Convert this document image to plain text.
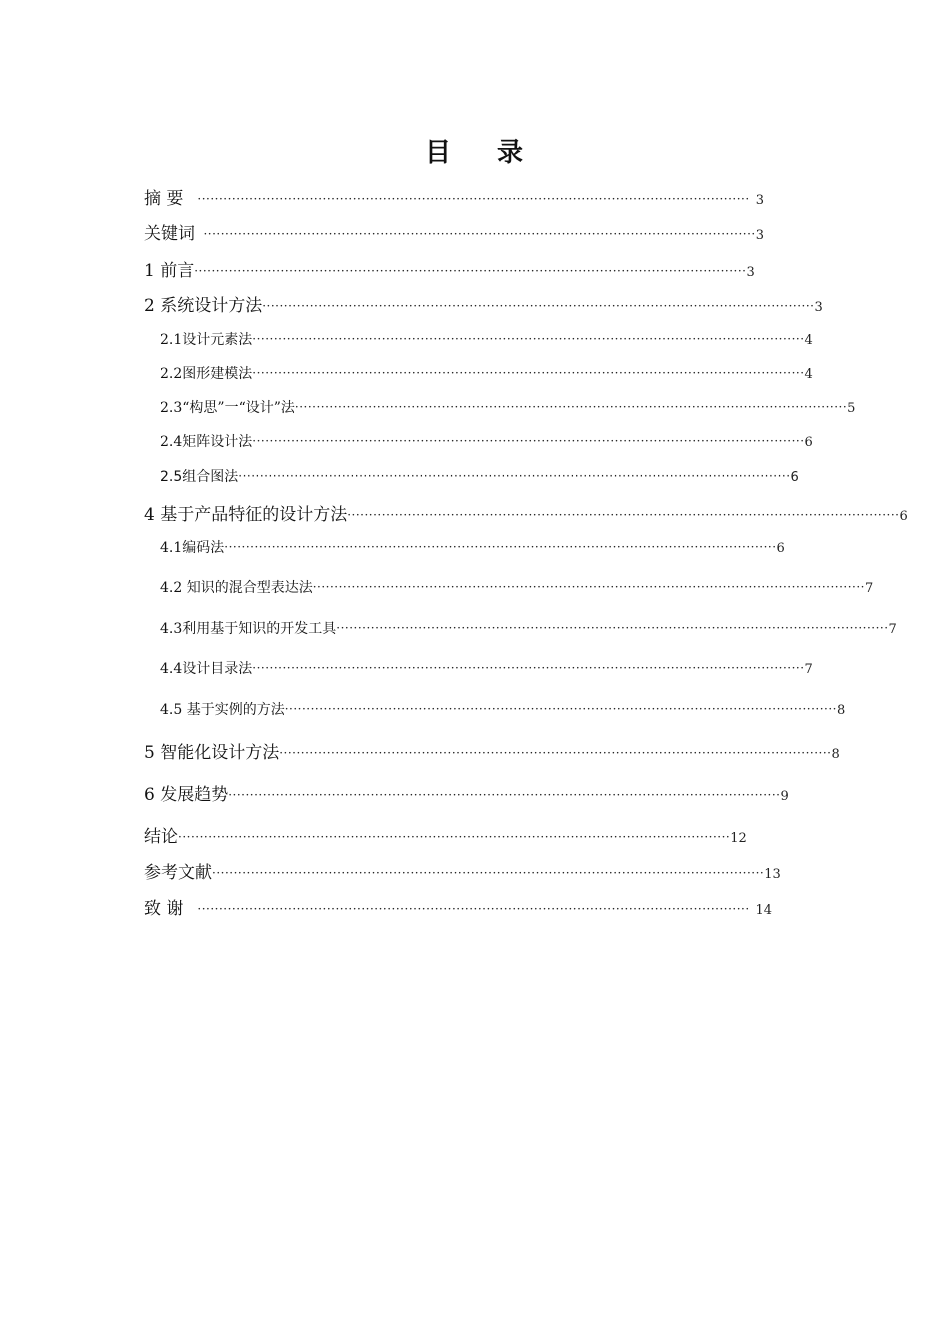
目 录
摘 要 ································································································································ 3
关键词 ································································································································ 3
1 前言 ································································································································ 3
2 系统设计方法 ································································································································ 3
2.1设计元素法 ································································································································ 4
2.2图形建模法 ································································································································ 4
2.3“构思”一“设计”法 ································································································································ 5
2.4矩阵设计法 ································································································································ 6
2.5组合图法 ································································································································ 6
4 基于产品特征的设计方法 ································································································································ 6
4.1编码法 ································································································································ 6
4.2 知识的混合型表达法 ································································································································ 7
4.3利用基于知识的开发工具 ································································································································ 7
4.4设计目录法 ································································································································ 7
4.5 基于实例的方法 ································································································································ 8
5 智能化设计方法 ································································································································ 8
6 发展趋势 ································································································································ 9
结论 ································································································································ 12
参考文献 ································································································································ 13
致 谢 ································································································································ 14
